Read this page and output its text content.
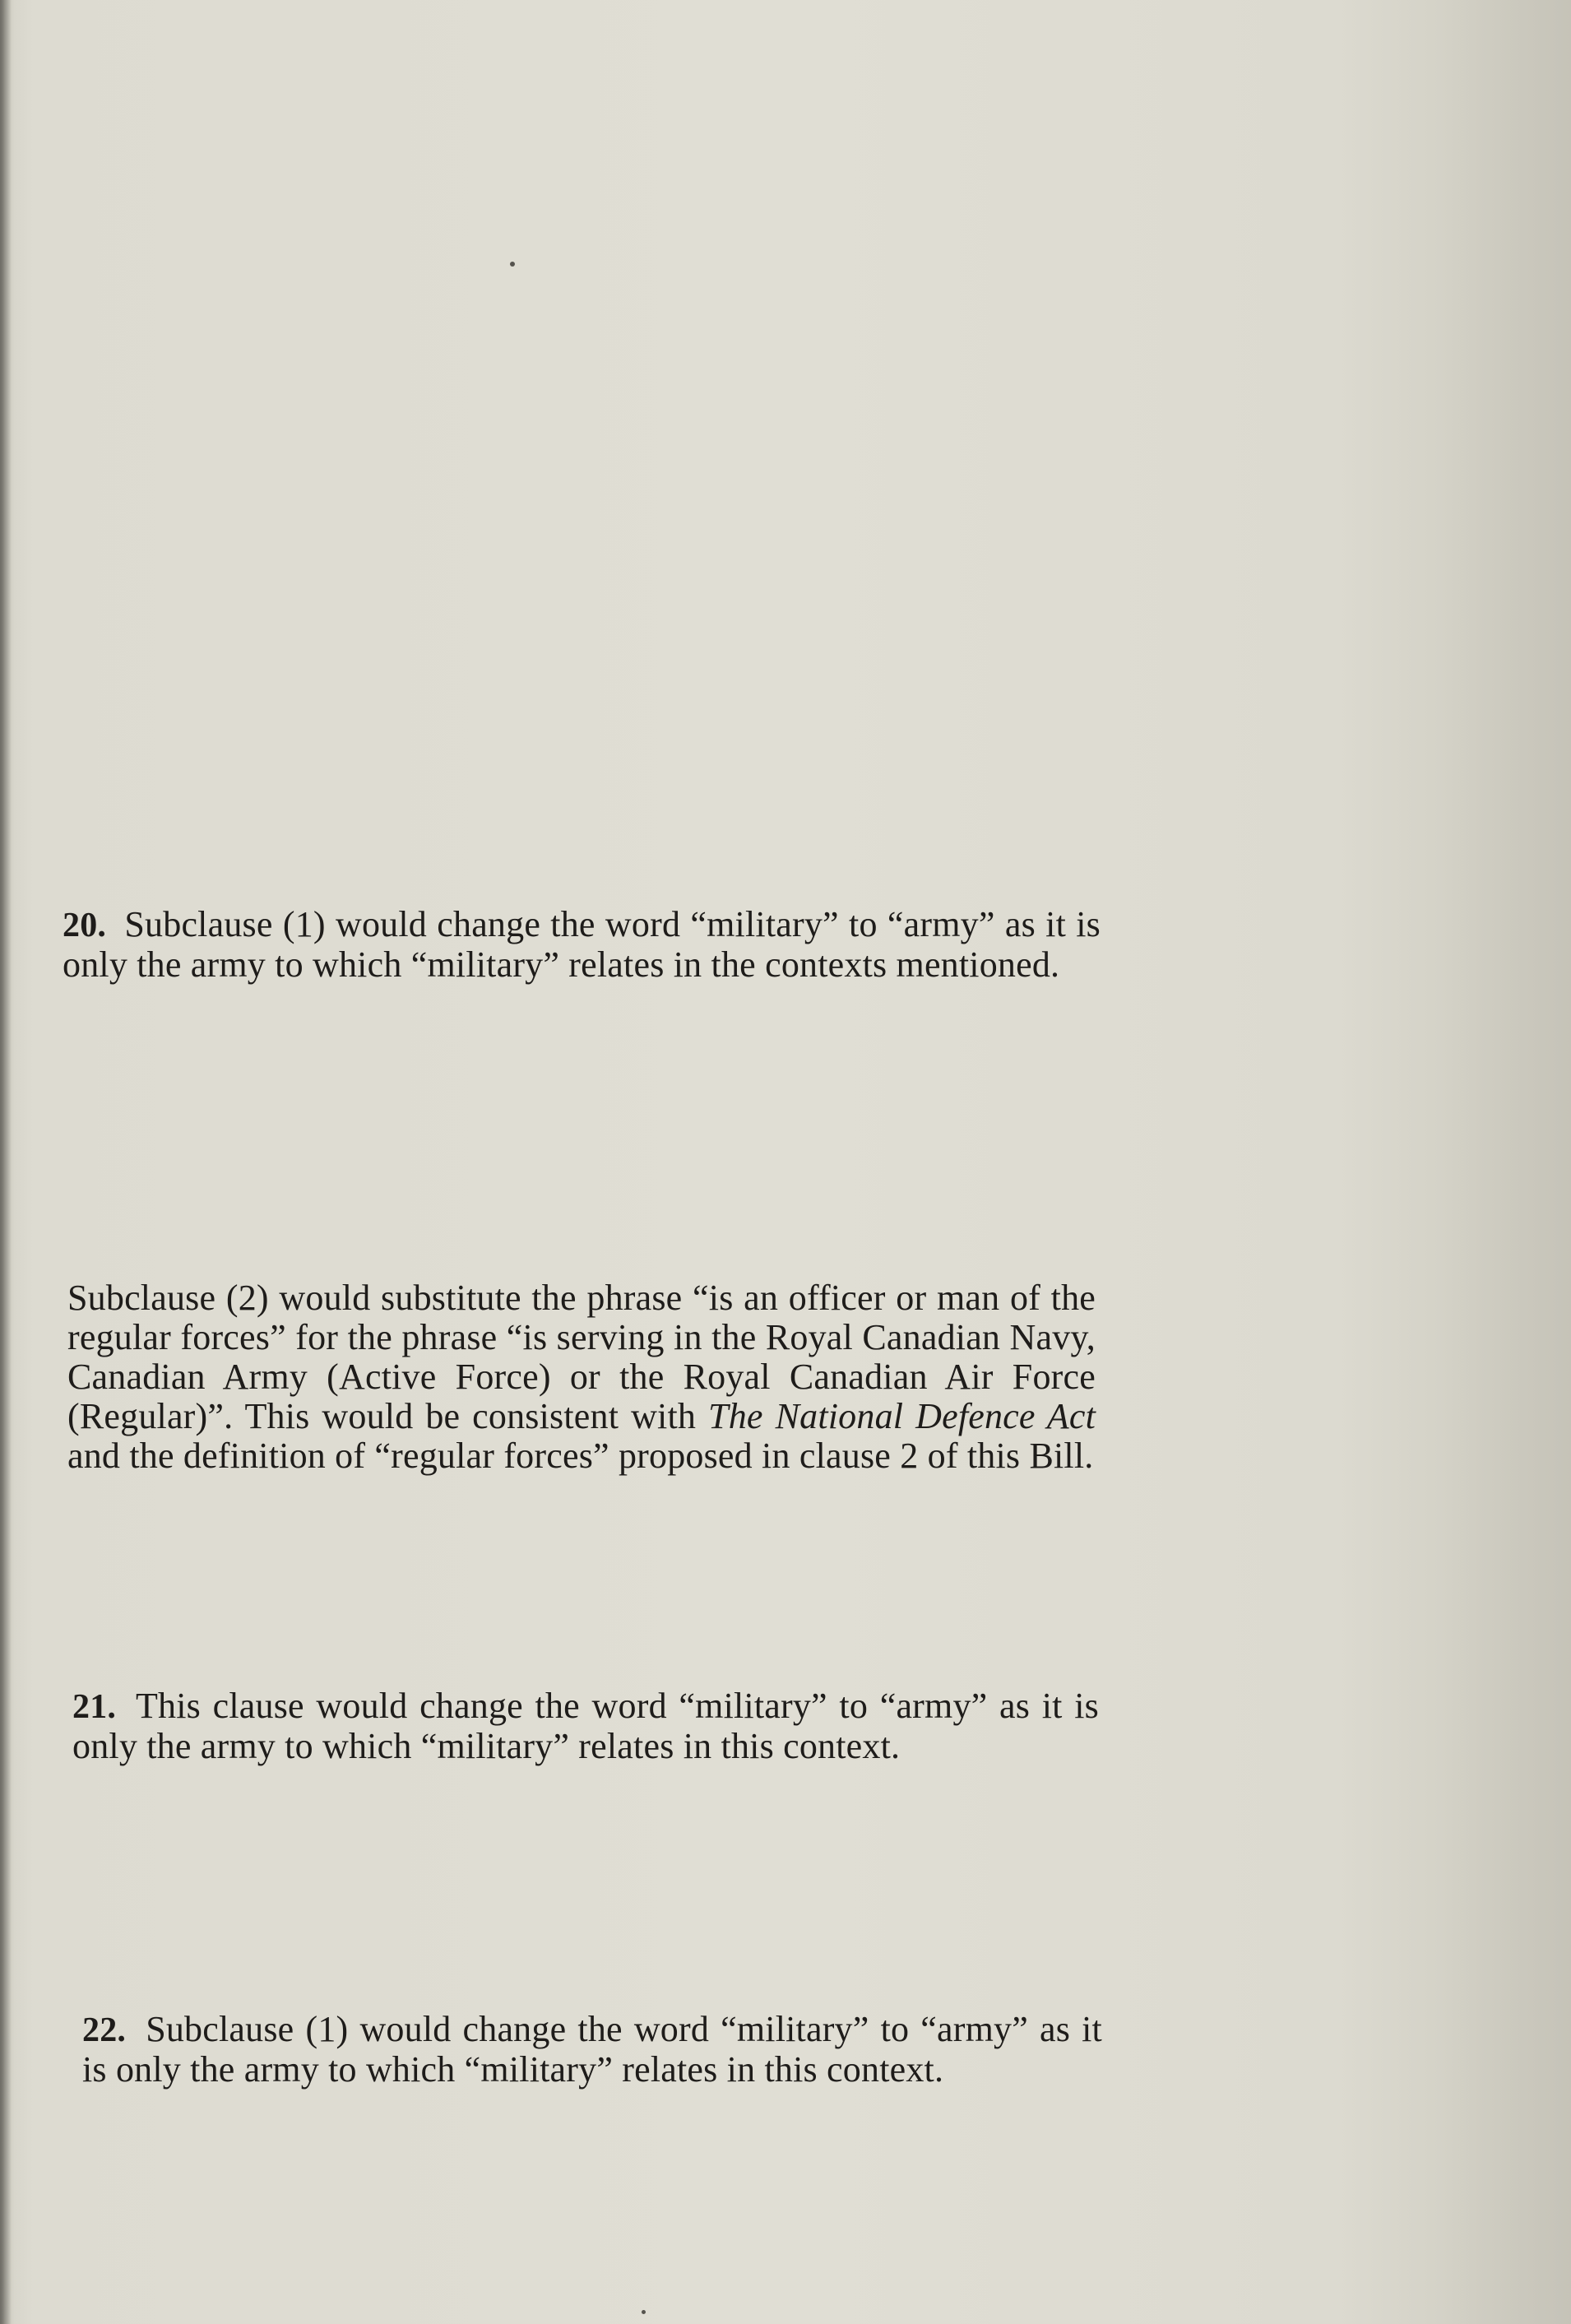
20. Subclause (1) would change the word “military” to “army” as it is only the army to which “military” relates in the contexts mentioned.
Subclause (2) would substitute the phrase “is an officer or man of the regular forces” for the phrase “is serving in the Royal Canadian Navy, Canadian Army (Active Force) or the Royal Canadian Air Force (Regular)”. This would be consistent with The National Defence Act and the definition of “regular forces” proposed in clause 2 of this Bill.
21. This clause would change the word “military” to “army” as it is only the army to which “military” relates in this context.
22. Subclause (1) would change the word “military” to “army” as it is only the army to which “military” relates in this context.
